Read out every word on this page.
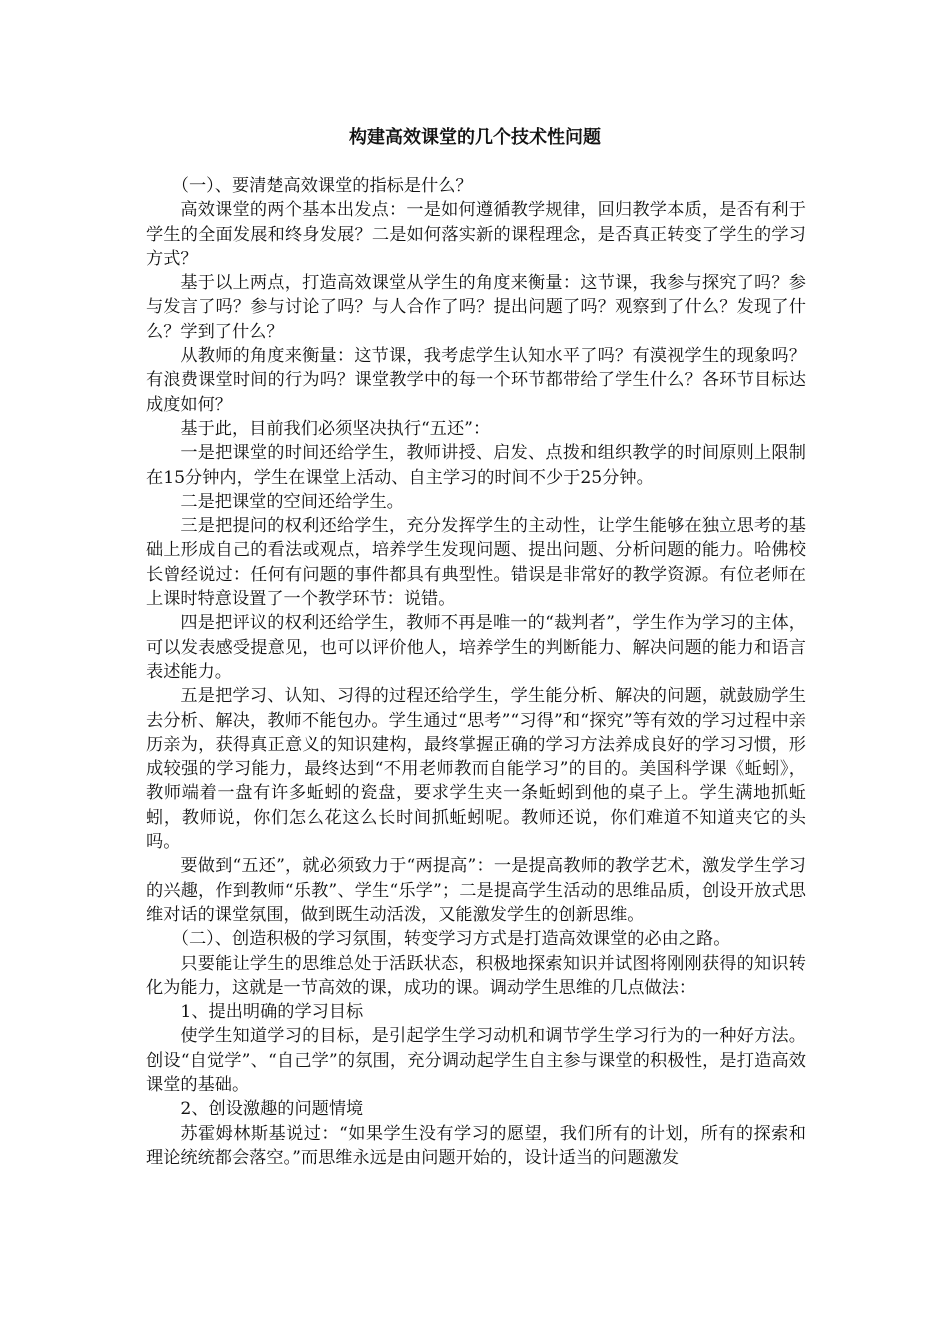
构建高效课堂的几个技术性问题

（一）、要清楚高效课堂的指标是什么？

高效课堂的两个基本出发点：一是如何遵循教学规律，回归教学本质，是否有利于学生的全面发展和终身发展？二是如何落实新的课程理念，是否真正转变了学生的学习方式？

基于以上两点，打造高效课堂从学生的角度来衡量：这节课，我参与探究了吗？参与发言了吗？参与讨论了吗？与人合作了吗？提出问题了吗？观察到了什么？发现了什么？学到了什么？

从教师的角度来衡量：这节课，我考虑学生认知水平了吗？有漠视学生的现象吗？有浪费课堂时间的行为吗？课堂教学中的每一个环节都带给了学生什么？各环节目标达成度如何？

基于此，目前我们必须坚决执行“五还”：

一是把课堂的时间还给学生，教师讲授、启发、点拨和组织教学的时间原则上限制在15分钟内，学生在课堂上活动、自主学习的时间不少于25分钟。

二是把课堂的空间还给学生。

三是把提问的权利还给学生，充分发挥学生的主动性，让学生能够在独立思考的基础上形成自己的看法或观点，培养学生发现问题、提出问题、分析问题的能力。哈佛校长曾经说过：任何有问题的事件都具有典型性。错误是非常好的教学资源。有位老师在上课时特意设置了一个教学环节：说错。

四是把评议的权利还给学生，教师不再是唯一的“裁判者”，学生作为学习的主体，可以发表感受提意见，也可以评价他人，培养学生的判断能力、解决问题的能力和语言表述能力。

五是把学习、认知、习得的过程还给学生，学生能分析、解决的问题，就鼓励学生去分析、解决，教师不能包办。学生通过“思考”“习得”和“探究”等有效的学习过程中亲历亲为，获得真正意义的知识建构，最终掌握正确的学习方法养成良好的学习习惯，形成较强的学习能力，最终达到“不用老师教而自能学习”的目的。美国科学课《蚯蚓》，教师端着一盘有许多蚯蚓的瓷盘，要求学生夹一条蚯蚓到他的桌子上。学生满地抓蚯蚓，教师说，你们怎么花这么长时间抓蚯蚓呢。教师还说，你们难道不知道夹它的头吗。

要做到“五还”，就必须致力于“两提高”：一是提高教师的教学艺术，激发学生学习的兴趣，作到教师“乐教”、学生“乐学”；二是提高学生活动的思维品质，创设开放式思维对话的课堂氛围，做到既生动活泼，又能激发学生的创新思维。

（二）、创造积极的学习氛围，转变学习方式是打造高效课堂的必由之路。

只要能让学生的思维总处于活跃状态，积极地探索知识并试图将刚刚获得的知识转化为能力，这就是一节高效的课，成功的课。调动学生思维的几点做法：

1、提出明确的学习目标

使学生知道学习的目标，是引起学生学习动机和调节学生学习行为的一种好方法。创设“自觉学”、“自己学”的氛围，充分调动起学生自主参与课堂的积极性，是打造高效课堂的基础。

2、创设激趣的问题情境

苏霍姆林斯基说过：“如果学生没有学习的愿望，我们所有的计划，所有的探索和理论统统都会落空。”而思维永远是由问题开始的，设计适当的问题激发
